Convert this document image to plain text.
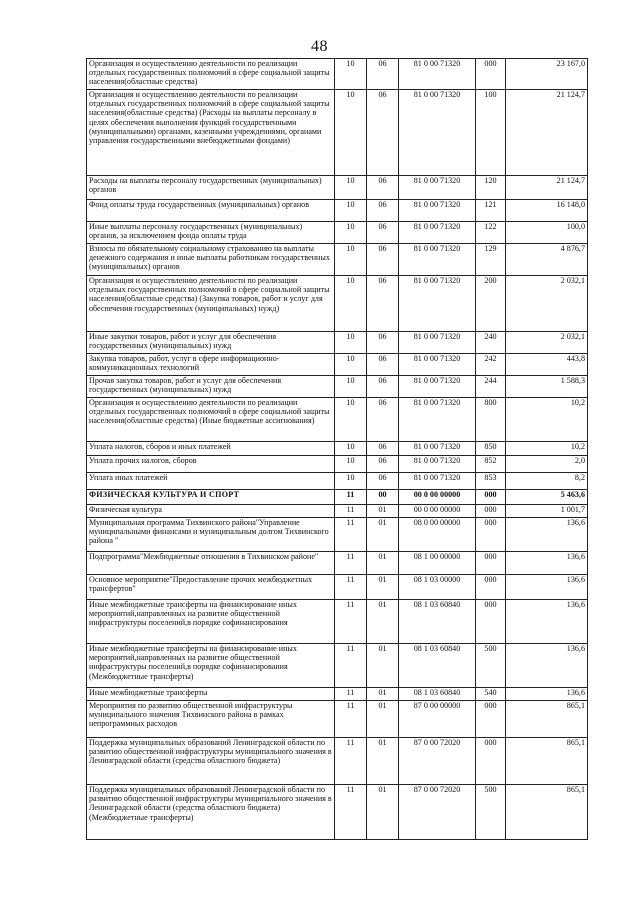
48
Организация и осуществлению деятельности по реализации отдельных государственных полномочий в сфере социальной защиты населения(областные средства)	10	06	81 0 00 71320	000	23 167,0
Организация и осуществлению деятельности по реализации отдельных государственных полномочий в сфере социальной защиты населения(областные средства) (Расходы на выплаты персоналу в целях обеспечения выполнения функций государственными (муниципальными) органами, казенными учреждениями, органами управления государственными внебюджетными фондами)	10	06	81 0 00 71320	100	21 124,7
Расходы на выплаты персоналу государственных (муниципальных) органов	10	06	81 0 00 71320	120	21 124,7
Фонд оплаты труда государственных (муниципальных) органов	10	06	81 0 00 71320	121	16 148,0
Иные выплаты персоналу государственных (муниципальных) органов, за исключением фонда оплаты труда	10	06	81 0 00 71320	122	100,0
Взносы по обязательному социальному страхованию на выплаты денежного содержания и иные выплаты работникам государственных (муниципальных) органов	10	06	81 0 00 71320	129	4 876,7
Организация и осуществлению деятельности по реализации отдельных государственных полномочий в сфере социальной защиты населения(областные средства) (Закупка товаров, работ и услуг для обеспечения государственных (муниципальных) нужд)	10	06	81 0 00 71320	200	2 032,1
Иные закупки товаров, работ и услуг для обеспечения государственных (муниципальных) нужд	10	06	81 0 00 71320	240	2 032,1
Закупка товаров, работ, услуг в сфере информационно-коммуникационных технологий	10	06	81 0 00 71320	242	443,8
Прочая закупка товаров, работ и услуг для обеспечения государственных (муниципальных) нужд	10	06	81 0 00 71320	244	1 588,3
Организация и осуществлению деятельности по реализации отдельных государственных полномочий в сфере социальной защиты населения(областные средства) (Иные бюджетные ассигнования)	10	06	81 0 00 71320	800	10,2
Уплата налогов, сборов и иных платежей	10	06	81 0 00 71320	850	10,2
Уплата прочих налогов, сборов	10	06	81 0 00 71320	852	2,0
Уплата иных платежей	10	06	81 0 00 71320	853	8,2
ФИЗИЧЕСКАЯ КУЛЬТУРА И СПОРТ	11	00	00 0 00 00000	000	5 463,6
Физическая культура	11	01	00 0 00 00000	000	1 001,7
Муниципальная программа Тихвинского района"Управление муниципальными финансами и муниципальным долгом Тихвинского района "	11	01	08 0 00 00000	000	136,6
Подпрограмма"Межбюджетные отношения в Тихвинском районе"	11	01	08 1 00 00000	000	136,6
Основное мероприятие"Предоставление прочих межбюджетных трансфертов"	11	01	08 1 03 00000	000	136,6
Иные межбюджетные трансферты на финансирование иных мероприятий,направленных на развитие общественной инфраструктуры поселений,в порядке софинансирования	11	01	08 1 03 60840	000	136,6
Иные межбюджетные трансферты на финансирование иных мероприятий,направленных на развитие общественной инфраструктуры поселений,в порядке софинансирования (Межбюджетные трансферты)	11	01	08 1 03 60840	500	136,6
Иные межбюджетные трансферты	11	01	08 1 03 60840	540	136,6
Мероприятия по развитию общественной инфраструктуры муниципального значения Тихвинского района в рамках непрограммных расходов	11	01	87 0 00 00000	000	865,1
Поддержка муниципальных образований Ленинградской области по развитию общественной инфраструктуры муниципального значения в Ленинградской области (средства областного бюджета)	11	01	87 0 00 72020	000	865,1
Поддержка муниципальных образований Ленинградской области по развитию общественной инфраструктуры муниципального значения в Ленинградской области (средства областного бюджета) (Межбюджетные трансферты)	11	01	87 0 00 72020	500	865,1
